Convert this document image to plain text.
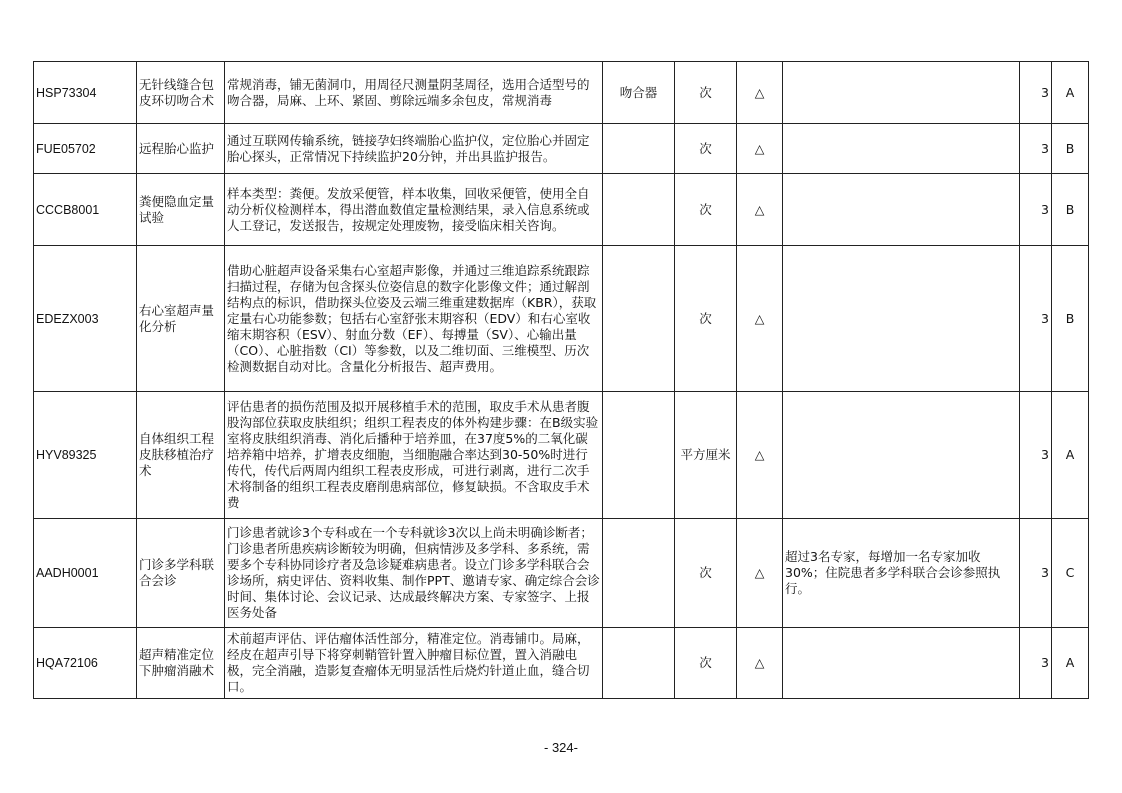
HSP73304	无针线缝合包皮环切吻合术	常规消毒，铺无菌洞巾，用周径尺测量阴茎周径，选用合适型号的吻合器，局麻、上环、紧固、剪除远端多余包皮，常规消毒	吻合器	次	△		3	A
FUE05702	远程胎心监护	通过互联网传输系统，链接孕妇终端胎心监护仪，定位胎心并固定胎心探头，正常情况下持续监护20分钟，并出具监护报告。		次	△		3	B
CCCB8001	粪便隐血定量试验	样本类型：粪便。发放采便管，样本收集，回收采便管，使用全自动分析仪检测样本，得出潜血数值定量检测结果，录入信息系统或人工登记，发送报告，按规定处理废物，接受临床相关咨询。		次	△		3	B
EDEZX003	右心室超声量化分析	借助心脏超声设备采集右心室超声影像，并通过三维追踪系统跟踪扫描过程，存储为包含探头位姿信息的数字化影像文件；通过解剖结构点的标识，借助探头位姿及云端三维重建数据库（KBR），获取定量右心功能参数；包括右心室舒张末期容积（EDV）和右心室收缩末期容积（ESV）、射血分数（EF）、每搏量（SV）、心输出量（CO）、心脏指数（CI）等参数，以及二维切面、三维模型、历次检测数据自动对比。含量化分析报告、超声费用。		次	△		3	B
HYV89325	自体组织工程皮肤移植治疗术	评估患者的损伤范围及拟开展移植手术的范围，取皮手术从患者腹股沟部位获取皮肤组织；组织工程表皮的体外构建步骤：在B级实验室将皮肤组织消毒、消化后播种于培养皿，在37度5%的二氧化碳培养箱中培养，扩增表皮细胞，当细胞融合率达到30-50%时进行传代，传代后两周内组织工程表皮形成，可进行剥离，进行二次手术将制备的组织工程表皮磨削患病部位，修复缺损。不含取皮手术费		平方厘米	△		3	A
AADH0001	门诊多学科联合会诊	门诊患者就诊3个专科或在一个专科就诊3次以上尚未明确诊断者；门诊患者所患疾病诊断较为明确，但病情涉及多学科、多系统，需要多个专科协同诊疗者及急诊疑难病患者。设立门诊多学科联合会诊场所，病史评估、资料收集、制作PPT、邀请专家、确定综合会诊时间、集体讨论、会议记录、达成最终解决方案、专家签字、上报医务处备		次	△	超过3名专家，每增加一名专家加收30%；住院患者多学科联合会诊参照执行。	3	C
HQA72106	超声精准定位下肿瘤消融术	术前超声评估、评估瘤体活性部分，精准定位。消毒铺巾。局麻，经皮在超声引导下将穿刺鞘管针置入肿瘤目标位置，置入消融电极，完全消融，造影复查瘤体无明显活性后烧灼针道止血，缝合切口。		次	△		3	A
- 324-
